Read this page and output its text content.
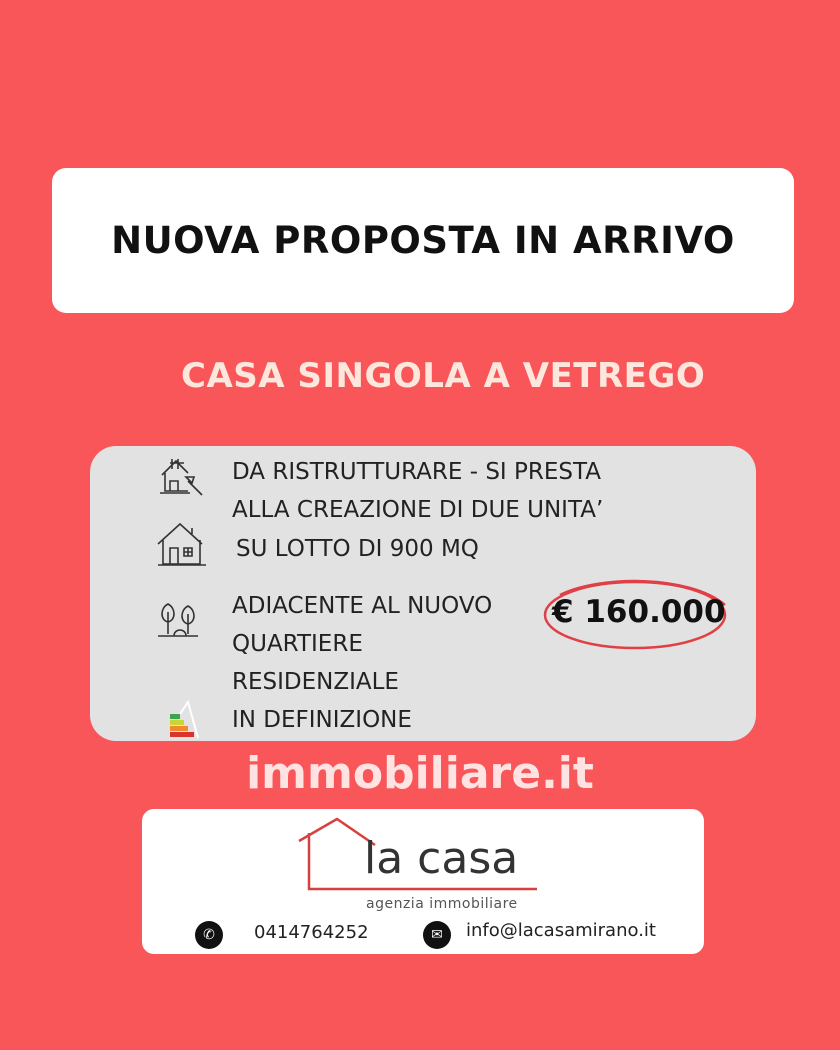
NUOVA PROPOSTA IN ARRIVO
CASA SINGOLA A VETREGO
DA RISTRUTTURARE - SI PRESTA
ALLA CREAZIONE DI DUE UNITA’
SU LOTTO DI 900 MQ
ADIACENTE AL NUOVO
QUARTIERE
RESIDENZIALE
IN DEFINIZIONE
immobiliare.it
€ 160.000
la casa
agenzia immobiliare
✆	0414764252	✉	info@lacasamirano.it
